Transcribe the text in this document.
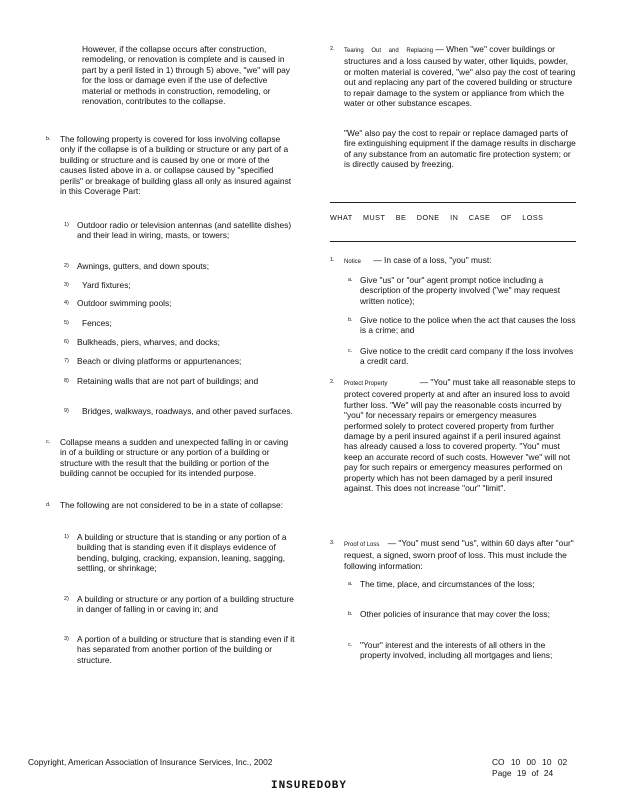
However, if the collapse occurs after construction, remodeling, or renovation is complete and is caused in part by a peril listed in 1) through 5) above, "we" will pay for the loss or damage even if the use of defective material or methods in construction, remodeling, or renovation, contributes to the collapse.
b. The following property is covered for loss involving collapse only if the collapse is of a building or structure or any part of a building or structure and is caused by one or more of the causes listed above in a. or collapse caused by "specified perils" or breakage of building glass all only as insured against in this Coverage Part:
1) Outdoor radio or television antennas (and satellite dishes) and their lead in wiring, masts, or towers;
2) Awnings, gutters, and down spouts;
3) Yard fixtures;
4) Outdoor swimming pools;
5) Fences;
6) Bulkheads, piers, wharves, and docks;
7) Beach or diving platforms or appurtenances;
8) Retaining walls that are not part of buildings; and
9) Bridges, walkways, roadways, and other paved surfaces.
c. Collapse means a sudden and unexpected falling in or caving in of a building or structure or any portion of a building or structure with the result that the building or portion of the building cannot be occupied for its intended purpose.
d. The following are not considered to be in a state of collapse:
1) A building or structure that is standing or any portion of a building that is standing even if it displays evidence of bending, bulging, cracking, expansion, leaning, sagging, settling, or shrinkage;
2) A building or structure or any portion of a building structure in danger of falling in or caving in; and
3) A portion of a building or structure that is standing even if it has separated from another portion of the building or structure.
2. Tearing Out and Replacing — When "we" cover buildings or structures and a loss caused by water, other liquids, powder, or molten material is covered, "we" also pay the cost of tearing out and replacing any part of the covered building or structure to repair damage to the system or appliance from which the water or other substance escapes.
"We" also pay the cost to repair or replace damaged parts of fire extinguishing equipment if the damage results in discharge of any substance from an automatic fire protection system; or is directly caused by freezing.
WHAT MUST BE DONE IN CASE OF LOSS
1. Notice — In case of a loss, "you" must:
a. Give "us" or "our" agent prompt notice including a description of the property involved ("we" may request written notice);
b. Give notice to the police when the act that causes the loss is a crime; and
c. Give notice to the credit card company if the loss involves a credit card.
2. Protect Property	— "You" must take all reasonable steps to protect covered property at and after an insured loss to avoid further loss. "We" will pay the reasonable costs incurred by "you" for necessary repairs or emergency measures performed solely to protect covered property from further damage by a peril insured against if a peril insured against has already caused a loss to covered property. "You" must keep an accurate record of such costs. However "we" will not pay for such repairs or emergency measures performed on property which has not been damaged by a peril insured against. This does not increase "our" "limit".
3. Proof of Loss — "You" must send "us", within 60 days after "our" request, a signed, sworn proof of loss. This must include the following information:
a. The time, place, and circumstances of the loss;
b. Other policies of insurance that may cover the loss;
c. "Your" interest and the interests of all others in the property involved, including all mortgages and liens;
Copyright, American Association of Insurance Services, Inc., 2002	CO 10 00 10 02
Page 19 of 24
INSUREDOBY
